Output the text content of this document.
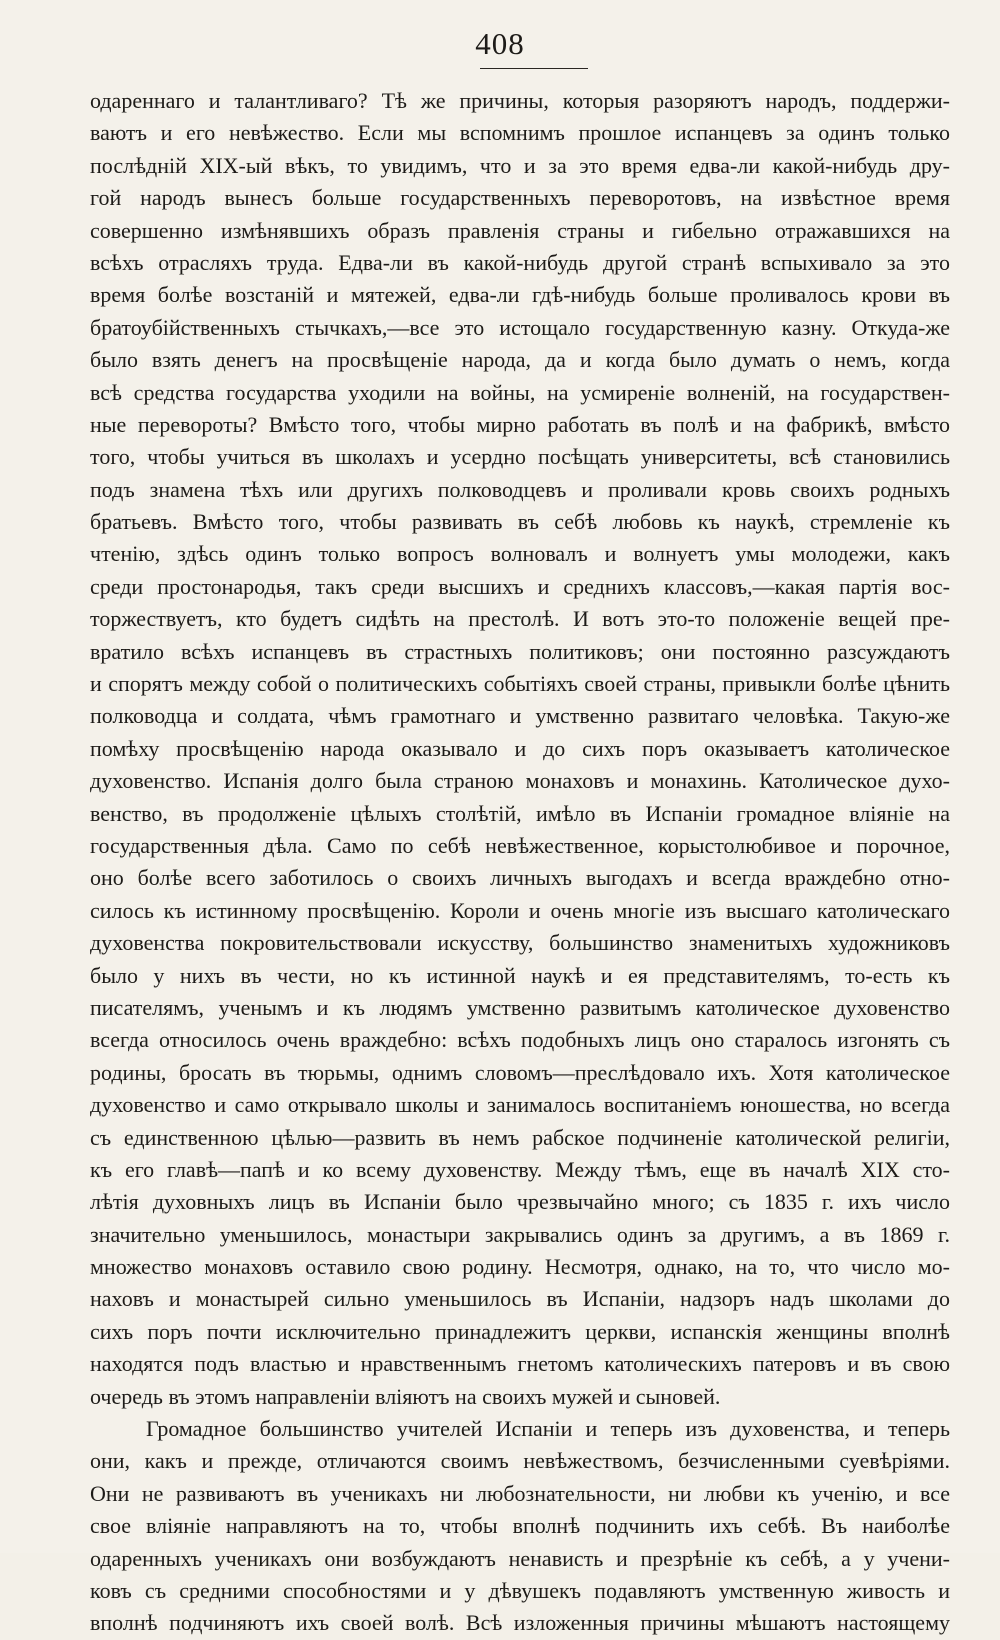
408
одареннаго и талантливаго? Тѣ же причины, которыя разоряютъ народъ, поддержи-
ваютъ и его невѣжество. Если мы вспомнимъ прошлое испанцевъ за одинъ только
послѣдній XIX-ый вѣкъ, то увидимъ, что и за это время едва-ли какой-нибудь дру-
гой народъ вынесъ больше государственныхъ переворотовъ, на извѣстное время
совершенно измѣнявшихъ образъ правленія страны и гибельно отражавшихся на
всѣхъ отрасляхъ труда. Едва-ли въ какой-нибудь другой странѣ вспыхивало за это
время болѣе возстаній и мятежей, едва-ли гдѣ-нибудь больше проливалось крови въ
братоубійственныхъ стычкахъ,—все это истощало государственную казну. Откуда-же
было взять денегъ на просвѣщеніе народа, да и когда было думать о немъ, когда
всѣ средства государства уходили на войны, на усмиреніе волненій, на государствен-
ные перевороты? Вмѣсто того, чтобы мирно работать въ полѣ и на фабрикѣ, вмѣсто
того, чтобы учиться въ школахъ и усердно посѣщать университеты, всѣ становились
подъ знамена тѣхъ или другихъ полководцевъ и проливали кровь своихъ родныхъ
братьевъ. Вмѣсто того, чтобы развивать въ себѣ любовь къ наукѣ, стремленіе къ
чтенію, здѣсь одинъ только вопросъ волновалъ и волнуетъ умы молодежи, какъ
среди простонародья, такъ среди высшихъ и среднихъ классовъ,—какая партія вос-
торжествуетъ, кто будетъ сидѣть на престолѣ. И вотъ это-то положеніе вещей пре-
вратило всѣхъ испанцевъ въ страстныхъ политиковъ; они постоянно разсуждаютъ
и спорятъ между собой о политическихъ событіяхъ своей страны, привыкли болѣе цѣнить
полководца и солдата, чѣмъ грамотнаго и умственно развитаго человѣка. Такую-же
помѣху просвѣщенію народа оказывало и до сихъ поръ оказываетъ католическое
духовенство. Испанія долго была страною монаховъ и монахинь. Католическое духо-
венство, въ продолженіе цѣлыхъ столѣтій, имѣло въ Испаніи громадное вліяніе на
государственныя дѣла. Само по себѣ невѣжественное, корыстолюбивое и порочное,
оно болѣе всего заботилось о своихъ личныхъ выгодахъ и всегда враждебно отно-
силось къ истинному просвѣщенію. Короли и очень многіе изъ высшаго католическаго
духовенства покровительствовали искусству, большинство знаменитыхъ художниковъ
было у нихъ въ чести, но къ истинной наукѣ и ея представителямъ, то-есть къ
писателямъ, ученымъ и къ людямъ умственно развитымъ католическое духовенство
всегда относилось очень враждебно: всѣхъ подобныхъ лицъ оно старалось изгонять съ
родины, бросать въ тюрьмы, однимъ словомъ—преслѣдовало ихъ. Хотя католическое
духовенство и само открывало школы и занималось воспитаніемъ юношества, но всегда
съ единственною цѣлью—развить въ немъ рабское подчиненіе католической религіи,
къ его главѣ—папѣ и ко всему духовенству. Между тѣмъ, еще въ началѣ XIX сто-
лѣтія духовныхъ лицъ въ Испаніи было чрезвычайно много; съ 1835 г. ихъ число
значительно уменьшилось, монастыри закрывались одинъ за другимъ, а въ 1869 г.
множество монаховъ оставило свою родину. Несмотря, однако, на то, что число мо-
наховъ и монастырей сильно уменьшилось въ Испаніи, надзоръ надъ школами до
сихъ поръ почти исключительно принадлежитъ церкви, испанскія женщины вполнѣ
находятся подъ властью и нравственнымъ гнетомъ католическихъ патеровъ и въ свою
очередь въ этомъ направленіи вліяютъ на своихъ мужей и сыновей.
Громадное большинство учителей Испаніи и теперь изъ духовенства, и теперь
они, какъ и прежде, отличаются своимъ невѣжествомъ, безчисленными суевѣріями.
Они не развиваютъ въ ученикахъ ни любознательности, ни любви къ ученію, и все
свое вліяніе направляютъ на то, чтобы вполнѣ подчинить ихъ себѣ. Въ наиболѣе
одаренныхъ ученикахъ они возбуждаютъ ненависть и презрѣніе къ себѣ, а у учени-
ковъ съ средними способностями и у дѣвушекъ подавляютъ умственную живость и
вполнѣ подчиняютъ ихъ своей волѣ. Всѣ изложенныя причины мѣшаютъ настоящему
